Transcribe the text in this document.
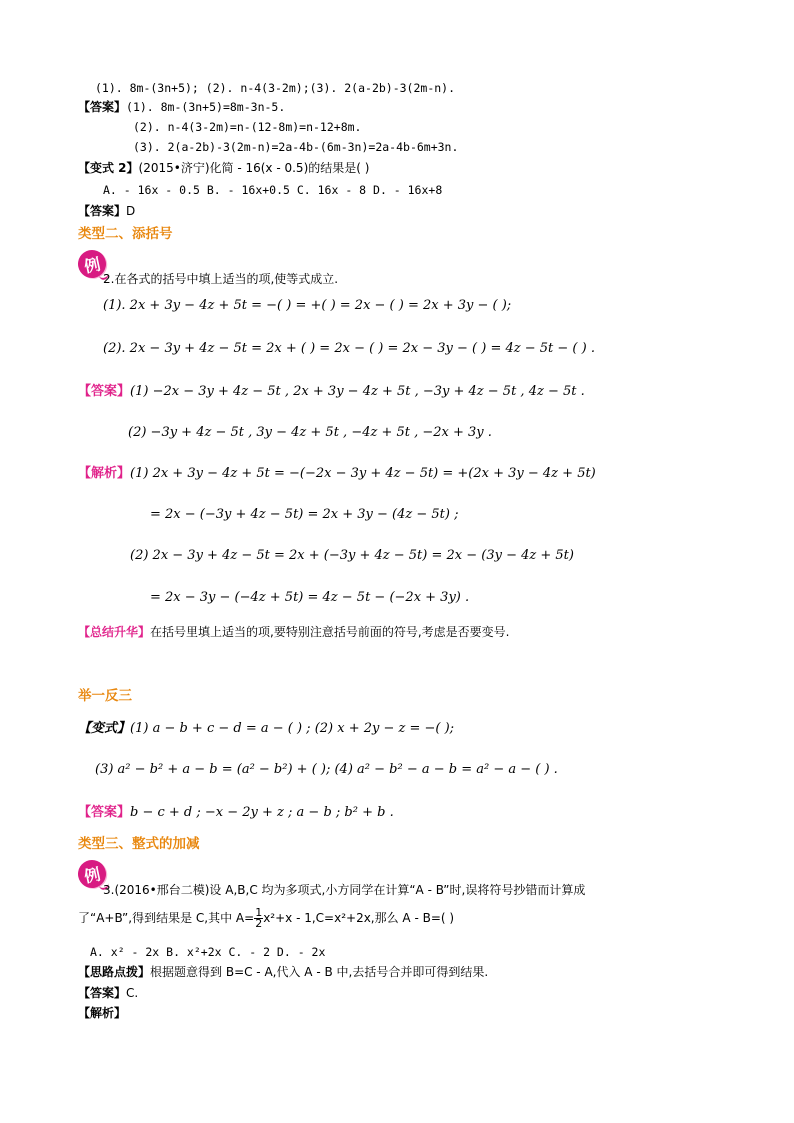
(1). 8m-(3n+5); (2). n-4(3-2m);(3). 2(a-2b)-3(2m-n).
【答案】(1). 8m-(3n+5)=8m-3n-5.
(2). n-4(3-2m)=n-(12-8m)=n-12+8m.
(3). 2(a-2b)-3(2m-n)=2a-4b-(6m-3n)=2a-4b-6m+3n.
【变式 2】(2015•济宁)化简 - 16(x - 0.5)的结果是( )
A. - 16x - 0.5 B. - 16x+0.5 C. 16x - 8 D. - 16x+8
【答案】D
类型二、添括号
例
2.在各式的括号中填上适当的项,使等式成立.
(1). 2x + 3y − 4z + 5t = −( ) = +( ) = 2x − ( ) = 2x + 3y − ( );
(2). 2x − 3y + 4z − 5t = 2x + ( ) = 2x − ( ) = 2x − 3y − ( ) = 4z − 5t − ( ) .
【答案】(1) −2x − 3y + 4z − 5t , 2x + 3y − 4z + 5t , −3y + 4z − 5t , 4z − 5t .
(2) −3y + 4z − 5t , 3y − 4z + 5t , −4z + 5t , −2x + 3y .
【解析】(1) 2x + 3y − 4z + 5t = −(−2x − 3y + 4z − 5t) = +(2x + 3y − 4z + 5t)
= 2x − (−3y + 4z − 5t) = 2x + 3y − (4z − 5t) ;
(2) 2x − 3y + 4z − 5t = 2x + (−3y + 4z − 5t) = 2x − (3y − 4z + 5t)
= 2x − 3y − (−4z + 5t) = 4z − 5t − (−2x + 3y) .
【总结升华】在括号里填上适当的项,要特别注意括号前面的符号,考虑是否要变号.
举一反三
【变式】(1) a − b + c − d = a − ( ) ; (2) x + 2y − z = −( );
(3) a² − b² + a − b = (a² − b²) + ( ); (4) a² − b² − a − b = a² − a − ( ) .
【答案】b − c + d ; −x − 2y + z ; a − b ; b² + b .
类型三、整式的加减
例
3.(2016•邢台二模)设 A,B,C 均为多项式,小方同学在计算“A - B”时,误将符号抄错而计算成
了“A+B”,得到结果是 C,其中 $A= \frac{1}{2} x^2+x - 1,C=x^2+2x$,那么 A - B=( )
A. x² - 2x B. x²+2x C. - 2 D. - 2x
【思路点拨】根据题意得到 B=C - A,代入 A - B 中,去括号合并即可得到结果.
【答案】C.
【解析】
